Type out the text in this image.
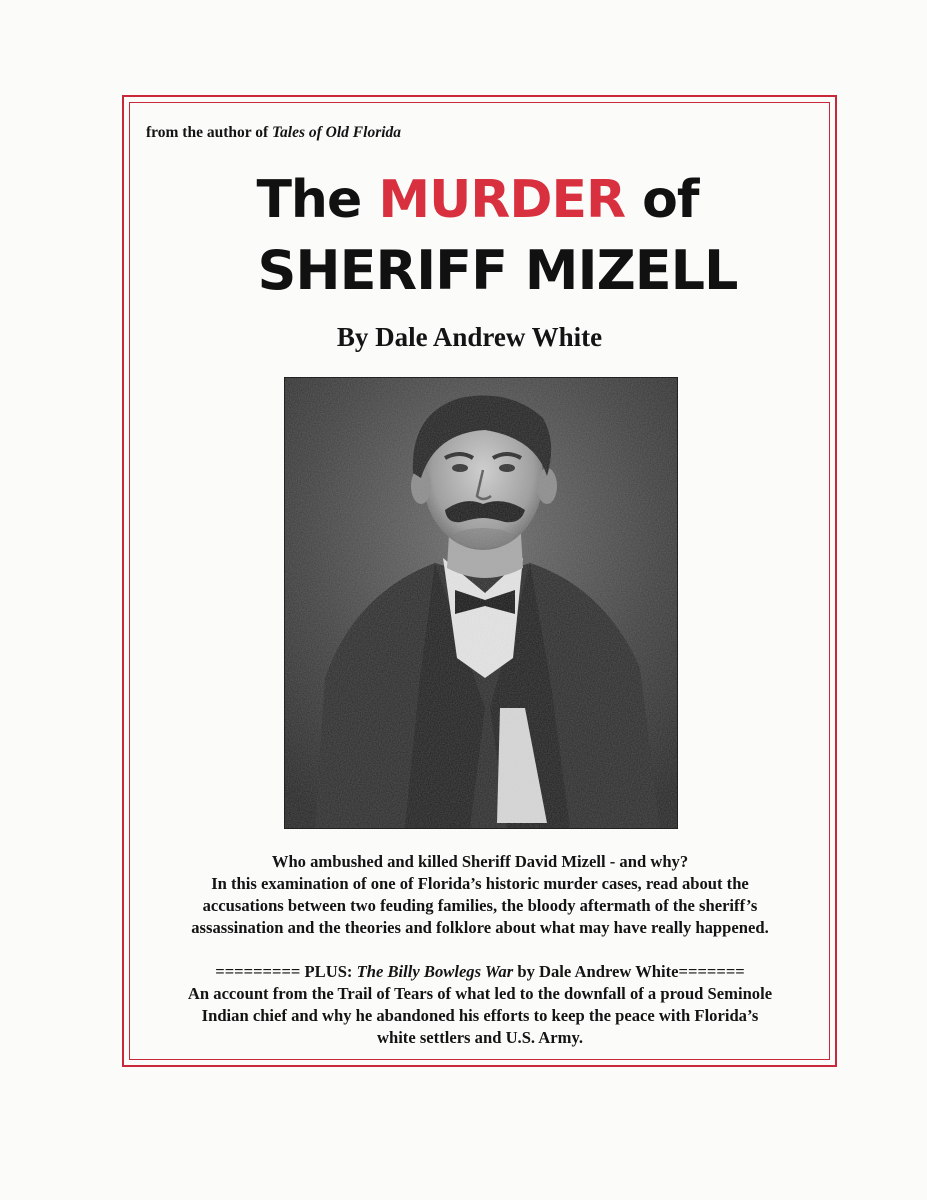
from the author of Tales of Old Florida
The MURDER of
SHERIFF MIZELL
By Dale Andrew White

Who ambushed and killed Sheriff David Mizell - and why?

In this examination of one of Florida’s historic murder cases, read about the

accusations between two feuding families, the bloody aftermath of the sheriff’s

assassination and the theories and folklore about what may have really happened.

========= PLUS: The Billy Bowlegs War by Dale Andrew White=======

An account from the Trail of Tears of what led to the downfall of a proud Seminole

Indian chief and why he abandoned his efforts to keep the peace with Florida’s

white settlers and U.S. Army.
